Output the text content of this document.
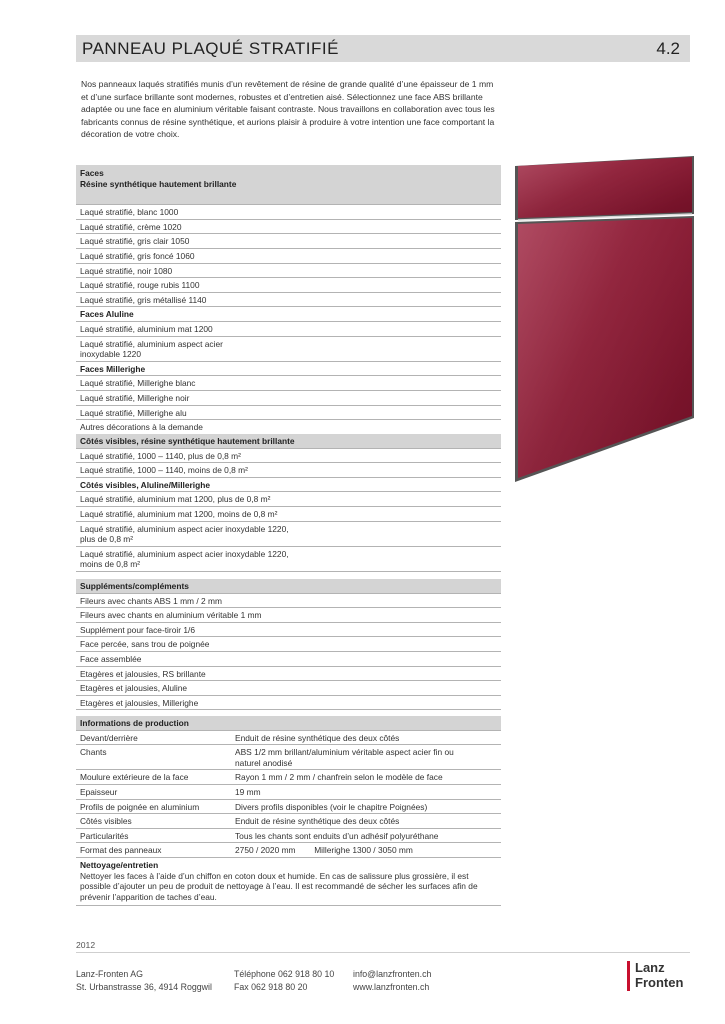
PANNEAU PLAQUÉ STRATIFIÉ	4.2

Nos panneaux laqués stratifiés munis d’un revêtement de résine de grande qualité d’une épaisseur de 1 mm et d’une surface brillante sont modernes, robustes et d’entretien aisé. Sélectionnez une face ABS brillante adaptée ou une face en aluminium véritable faisant contraste. Nous travaillons en collaboration avec tous les fabricants connus de résine synthétique, et aurions plaisir à produire à votre intention une face comportant la décoration de votre choix.

Faces
Résine synthétique hautement brillante
Laqué stratifié, blanc 1000
Laqué stratifié, crème 1020
Laqué stratifié, gris clair 1050
Laqué stratifié, gris foncé 1060
Laqué stratifié, noir 1080
Laqué stratifié, rouge rubis 1100
Laqué stratifié, gris métallisé 1140
Faces Aluline
Laqué stratifié, aluminium mat 1200
Laqué stratifié, aluminium aspect acier inoxydable 1220
Faces Millerighe
Laqué stratifié, Millerighe blanc
Laqué stratifié, Millerighe noir
Laqué stratifié, Millerighe alu
Autres décorations à la demande
Côtés visibles, résine synthétique hautement brillante
Laqué stratifié, 1000 – 1140, plus de 0,8 m²
Laqué stratifié, 1000 – 1140, moins de 0,8 m²
Côtés visibles, Aluline/Millerighe
Laqué stratifié, aluminium mat 1200, plus de 0,8 m²
Laqué stratifié, aluminium mat 1200, moins de 0,8 m²
Laqué stratifié, aluminium aspect acier inoxydable 1220, plus de 0,8 m²
Laqué stratifié, aluminium aspect acier inoxydable 1220, moins de 0,8 m²
Suppléments/compléments
Fileurs avec chants ABS 1 mm / 2 mm
Fileurs avec chants en aluminium véritable 1 mm
Supplément pour face-tiroir 1/6
Face percée, sans trou de poignée
Face assemblée
Etagères et jalousies, RS brillante
Etagères et jalousies, Aluline
Etagères et jalousies, Millerighe
Informations de production
Devant/derrière	Enduit de résine synthétique des deux côtés
Chants	ABS 1/2 mm brillant/aluminium véritable aspect acier fin ou naturel anodisé
Moulure extérieure de la face	Rayon 1 mm / 2 mm / chanfrein selon le modèle de face
Epaisseur	19 mm
Profils de poignée en aluminium	Divers profils disponibles (voir le chapitre Poignées)
Côtés visibles	Enduit de résine synthétique des deux côtés
Particularités	Tous les chants sont enduits d’un adhésif polyuréthane
Format des panneaux	2750 / 2020 mm Millerighe 1300 / 3050 mm
Nettoyage/entretien
Nettoyer les faces à l’aide d’un chiffon en coton doux et humide. En cas de salissure plus grossière, il est possible d’ajouter un peu de produit de nettoyage à l’eau. Il est recommandé de sécher les surfaces afin de prévenir l’apparition de taches d’eau.
2012
Lanz-Fronten AG
St. Urbanstrasse 36, 4914 Roggwil
Téléphone 062 918 80 10
Fax 062 918 80 20
info@lanzfronten.ch
www.lanzfronten.ch
Lanz
Fronten
